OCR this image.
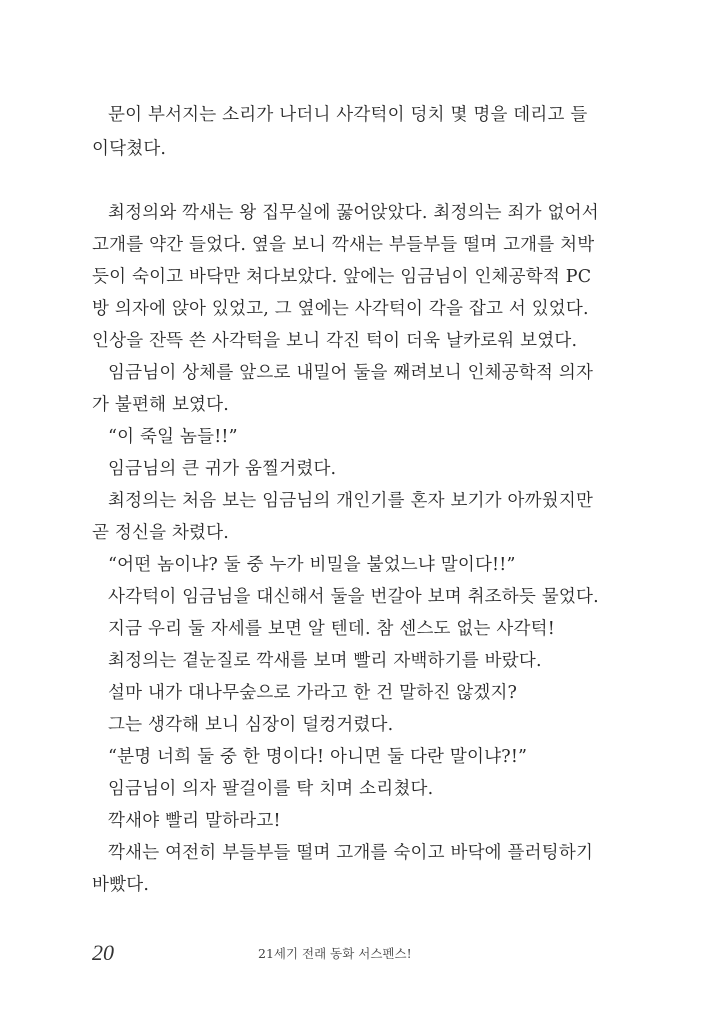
문이 부서지는 소리가 나더니 사각턱이 덩치 몇 명을 데리고 들
이닥쳤다.
최정의와 깍새는 왕 집무실에 꿇어앉았다. 최정의는 죄가 없어서
고개를 약간 들었다. 옆을 보니 깍새는 부들부들 떨며 고개를 처박
듯이 숙이고 바닥만 쳐다보았다. 앞에는 임금님이 인체공학적 PC
방 의자에 앉아 있었고, 그 옆에는 사각턱이 각을 잡고 서 있었다.
인상을 잔뜩 쓴 사각턱을 보니 각진 턱이 더욱 날카로워 보였다.
임금님이 상체를 앞으로 내밀어 둘을 째려보니 인체공학적 의자
가 불편해 보였다.
“이 죽일 놈들!!”
임금님의 큰 귀가 움찔거렸다.
최정의는 처음 보는 임금님의 개인기를 혼자 보기가 아까웠지만
곧 정신을 차렸다.
“어떤 놈이냐? 둘 중 누가 비밀을 불었느냐 말이다!!”
사각턱이 임금님을 대신해서 둘을 번갈아 보며 취조하듯 물었다.
지금 우리 둘 자세를 보면 알 텐데. 참 센스도 없는 사각턱!
최정의는 곁눈질로 깍새를 보며 빨리 자백하기를 바랐다.
설마 내가 대나무숲으로 가라고 한 건 말하진 않겠지?
그는 생각해 보니 심장이 덜컹거렸다.
“분명 너희 둘 중 한 명이다! 아니면 둘 다란 말이냐?!”
임금님이 의자 팔걸이를 탁 치며 소리쳤다.
깍새야 빨리 말하라고!
깍새는 여전히 부들부들 떨며 고개를 숙이고 바닥에 플러팅하기
바빴다.
20	21세기 전래 동화 서스펜스!
